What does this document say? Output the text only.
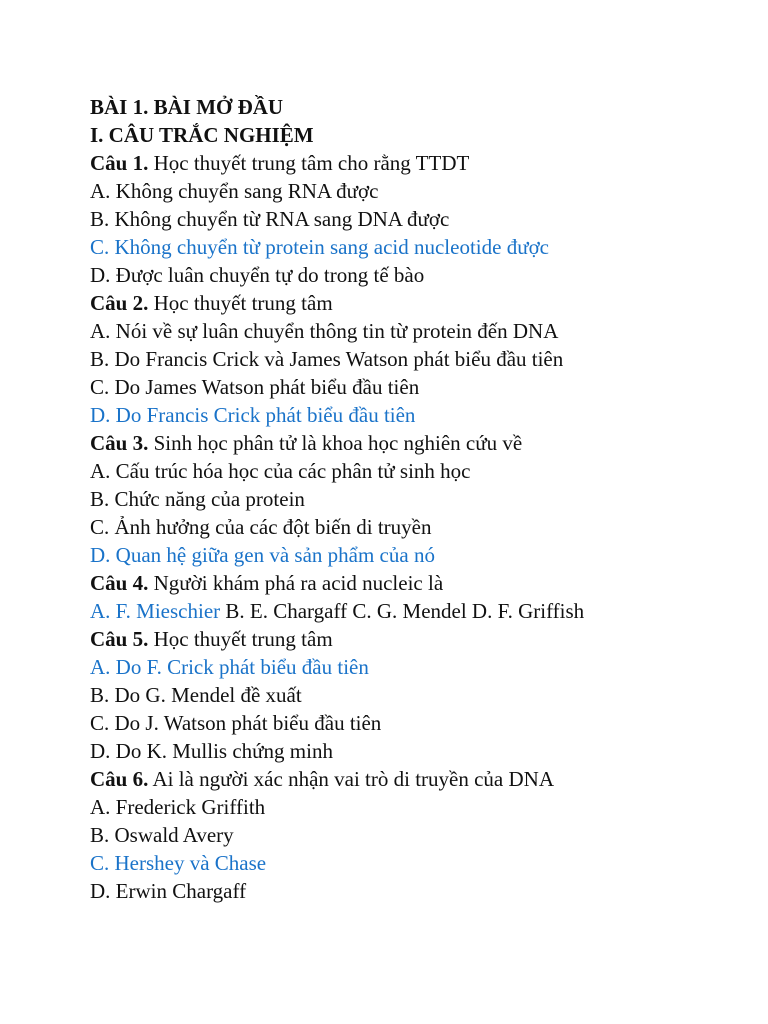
BÀI 1. BÀI MỞ ĐẦU
I. CÂU TRẮC NGHIỆM
Câu 1. Học thuyết trung tâm cho rằng TTDT
A. Không chuyển sang RNA được
B. Không chuyển từ RNA sang DNA được
C. Không chuyển từ protein sang acid nucleotide được
D. Được luân chuyển tự do trong tế bào
Câu 2. Học thuyết trung tâm
A. Nói về sự luân chuyển thông tin từ protein đến DNA
B. Do Francis Crick và James Watson phát biểu đầu tiên
C. Do James Watson phát biểu đầu tiên
D. Do Francis Crick phát biểu đầu tiên
Câu 3. Sinh học phân tử là khoa học nghiên cứu về
A. Cấu trúc hóa học của các phân tử sinh học
B. Chức năng của protein
C. Ảnh hưởng của các đột biến di truyền
D. Quan hệ giữa gen và sản phẩm của nó
Câu 4. Người khám phá ra acid nucleic là
A. F. Mieschier B. E. Chargaff C. G. Mendel D. F. Griffish
Câu 5. Học thuyết trung tâm
A. Do F. Crick phát biểu đầu tiên
B. Do G. Mendel đề xuất
C. Do J. Watson phát biểu đầu tiên
D. Do K. Mullis chứng minh
Câu 6. Ai là người xác nhận vai trò di truyền của DNA
A. Frederick Griffith
B. Oswald Avery
C. Hershey và Chase
D. Erwin Chargaff
